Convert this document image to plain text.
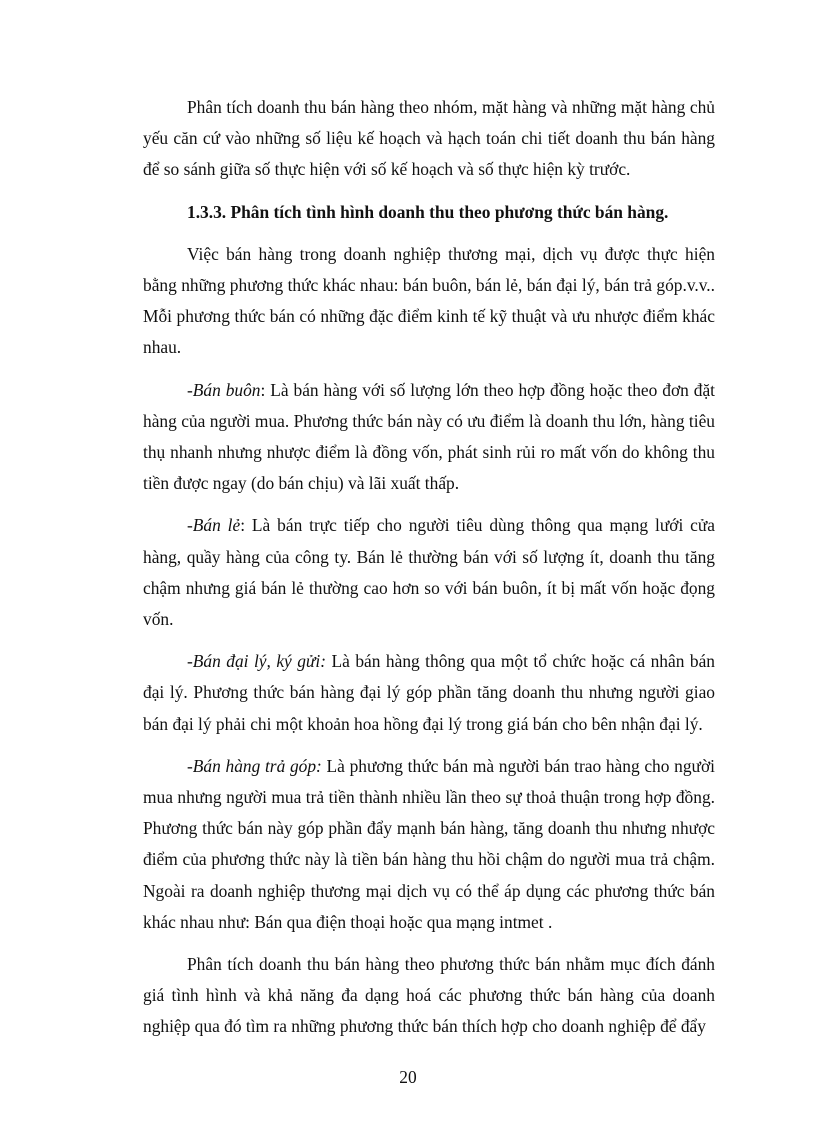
Phân tích doanh thu bán hàng theo nhóm, mặt hàng và những mặt hàng chủ yếu căn cứ vào những số liệu kế hoạch và hạch toán chi tiết doanh thu bán hàng để so sánh giữa số thực hiện với số kế hoạch và số thực hiện kỳ trước.

1.3.3. Phân tích tình hình doanh thu theo phương thức bán hàng.

Việc bán hàng trong doanh nghiệp thương mại, dịch vụ được thực hiện bằng những phương thức khác nhau: bán buôn, bán lẻ, bán đại lý, bán trả góp.v.v.. Mỗi phương thức bán có những đặc điểm kinh tế kỹ thuật và ưu nhược điểm khác nhau.

-Bán buôn: Là bán hàng với số lượng lớn theo hợp đồng hoặc theo đơn đặt hàng của người mua. Phương thức bán này có ưu điểm là doanh thu lớn, hàng tiêu thụ nhanh nhưng nhược điểm là đồng vốn, phát sinh rủi ro mất vốn do không thu tiền được ngay (do bán chịu) và lãi xuất thấp.

-Bán lẻ: Là bán trực tiếp cho người tiêu dùng thông qua mạng lưới cửa hàng, quầy hàng của công ty. Bán lẻ thường bán với số lượng ít, doanh thu tăng chậm nhưng giá bán lẻ thường cao hơn so với bán buôn, ít bị mất vốn hoặc đọng vốn.

-Bán đại lý, ký gửi: Là bán hàng thông qua một tổ chức hoặc cá nhân bán đại lý. Phương thức bán hàng đại lý góp phần tăng doanh thu nhưng người giao bán đại lý phải chi một khoản hoa hồng đại lý trong giá bán cho bên nhận đại lý.

-Bán hàng trả góp: Là phương thức bán mà người bán trao hàng cho người mua nhưng người mua trả tiền thành nhiều lần theo sự thoả thuận trong hợp đồng. Phương thức bán này góp phần đẩy mạnh bán hàng, tăng doanh thu nhưng nhược điểm của phương thức này là tiền bán hàng thu hồi chậm do người mua trả chậm. Ngoài ra doanh nghiệp thương mại dịch vụ có thể áp dụng các phương thức bán khác nhau như: Bán qua điện thoại hoặc qua mạng intmet .

Phân tích doanh thu bán hàng theo phương thức bán nhằm mục đích đánh giá tình hình và khả năng đa dạng hoá các phương thức bán hàng của doanh nghiệp qua đó tìm ra những phương thức bán thích hợp cho doanh nghiệp để đẩy

20
